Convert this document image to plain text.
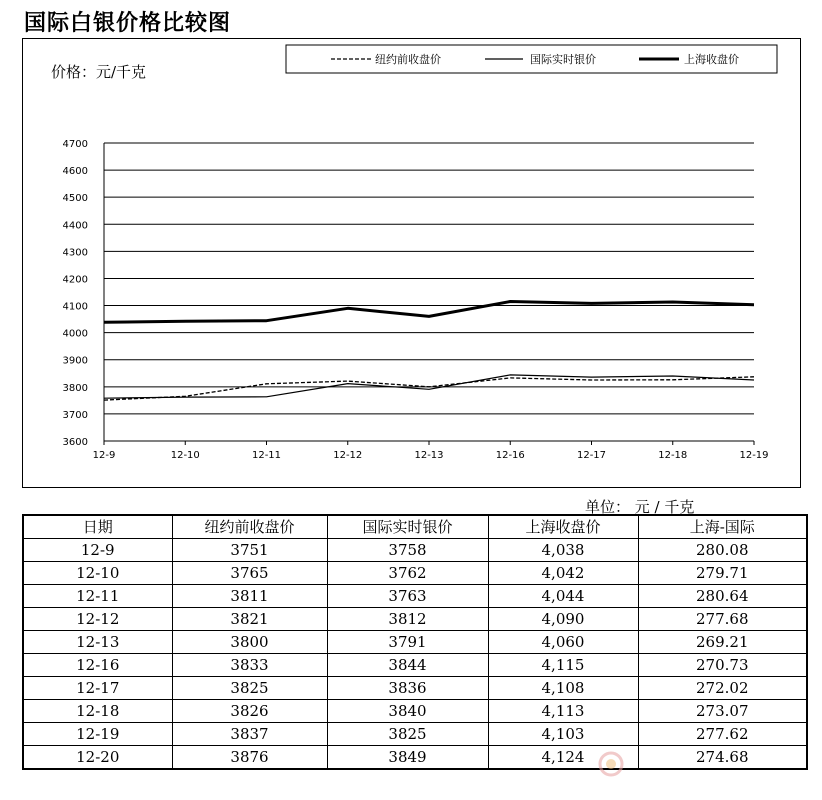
国际白银价格比较图
价格：元/千克
3600
3700
3800
3900
4000
4100
4200
4300
4400
4500
4600
4700
12-9	12-10	12-11	12-12	12-13	12-16	12-17	12-18	12-19
纽约前收盘价	国际实时银价	上海收盘价
单位： 元 / 千克
日期	纽约前收盘价	国际实时银价	上海收盘价	上海-国际
12-9	3751	3758	4,038	280.08
12-10	3765	3762	4,042	279.71
12-11	3811	3763	4,044	280.64
12-12	3821	3812	4,090	277.68
12-13	3800	3791	4,060	269.21
12-16	3833	3844	4,115	270.73
12-17	3825	3836	4,108	272.02
12-18	3826	3840	4,113	273.07
12-19	3837	3825	4,103	277.62
12-20	3876	3849	4,124	274.68
